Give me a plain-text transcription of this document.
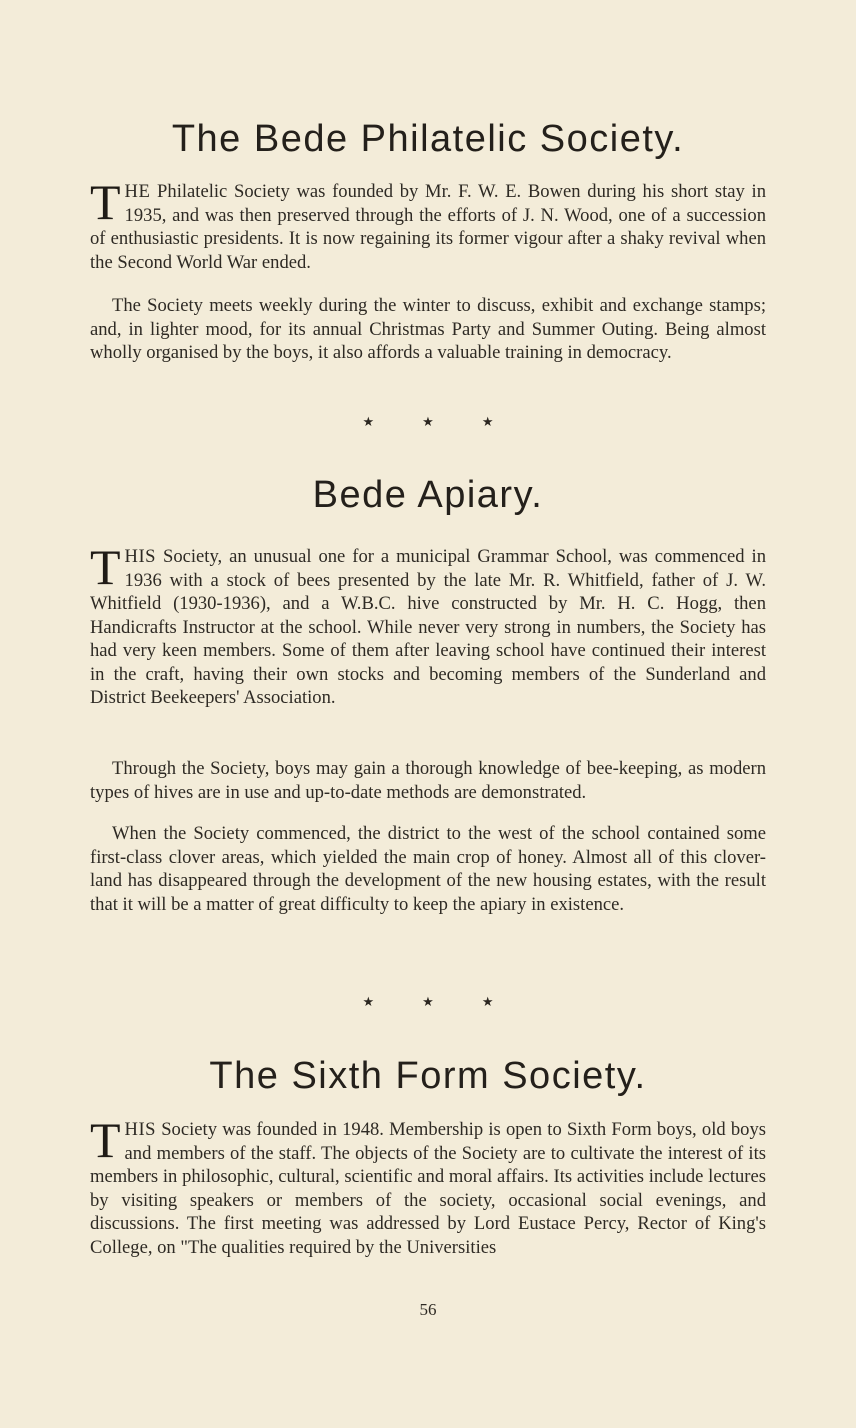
The Bede Philatelic Society.

THE Philatelic Society was founded by Mr. F. W. E. Bowen during his short stay in 1935, and was then preserved through the efforts of J. N. Wood, one of a succession of enthusiastic presidents. It is now regaining its former vigour after a shaky revival when the Second World War ended.

The Society meets weekly during the winter to discuss, exhibit and exchange stamps; and, in lighter mood, for its annual Christmas Party and Summer Outing. Being almost wholly organised by the boys, it also affords a valuable training in democracy.

★	★	★
Bede Apiary.

THIS Society, an unusual one for a municipal Grammar School, was commenced in 1936 with a stock of bees presented by the late Mr. R. Whitfield, father of J. W. Whitfield (1930-1936), and a W.B.C. hive constructed by Mr. H. C. Hogg, then Handicrafts Instructor at the school. While never very strong in numbers, the Society has had very keen members. Some of them after leaving school have continued their interest in the craft, having their own stocks and becoming members of the Sunderland and District Beekeepers' Association.

Through the Society, boys may gain a thorough knowledge of bee-keeping, as modern types of hives are in use and up-to-date methods are demonstrated.

When the Society commenced, the district to the west of the school contained some first-class clover areas, which yielded the main crop of honey. Almost all of this clover-land has disappeared through the development of the new housing estates, with the result that it will be a matter of great difficulty to keep the apiary in existence.

★	★	★
The Sixth Form Society.

THIS Society was founded in 1948. Membership is open to Sixth Form boys, old boys and members of the staff. The objects of the Society are to cultivate the interest of its members in philosophic, cultural, scientific and moral affairs. Its activities include lectures by visiting speakers or members of the society, occasional social evenings, and discussions. The first meeting was addressed by Lord Eustace Percy, Rector of King's College, on "The qualities required by the Universities

56
